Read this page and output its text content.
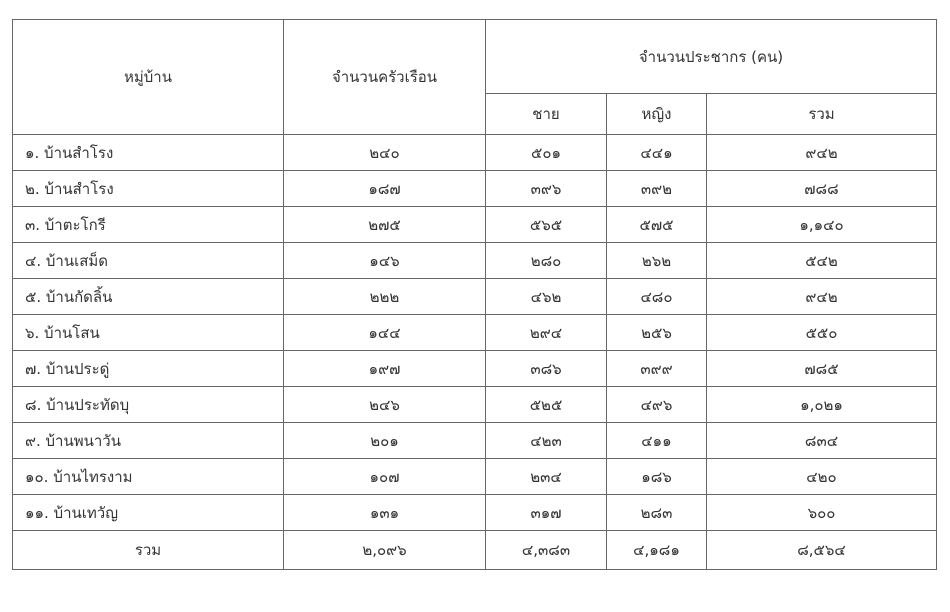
หมู่บ้าน	จำนวนครัวเรือน	จำนวนประชากร (คน)		
		ชาย	หญิง	รวม
๑. บ้านสำโรง	๒๔๐	๕๐๑	๔๔๑	๙๔๒
๒. บ้านสำโรง	๑๘๗	๓๙๖	๓๙๒	๗๘๘
๓. บ้าตะโกรี	๒๗๕	๕๖๕	๕๗๕	๑,๑๔๐
๔. บ้านเสม็ด	๑๔๖	๒๘๐	๒๖๒	๕๔๒
๕. บ้านกัดลิ้น	๒๒๒	๔๖๒	๔๘๐	๙๔๒
๖. บ้านโสน	๑๔๔	๒๙๔	๒๕๖	๕๕๐
๗. บ้านประดู่	๑๙๗	๓๘๖	๓๙๙	๗๘๕
๘. บ้านประทัดบุ	๒๔๖	๕๒๕	๔๙๖	๑,๐๒๑
๙. บ้านพนาวัน	๒๐๑	๔๒๓	๔๑๑	๘๓๔
๑๐. บ้านไทรงาม	๑๐๗	๒๓๔	๑๘๖	๔๒๐
๑๑. บ้านเทวัญ	๑๓๑	๓๑๗	๒๘๓	๖๐๐
รวม	๒,๐๙๖	๔,๓๘๓	๔,๑๘๑	๘,๕๖๔
